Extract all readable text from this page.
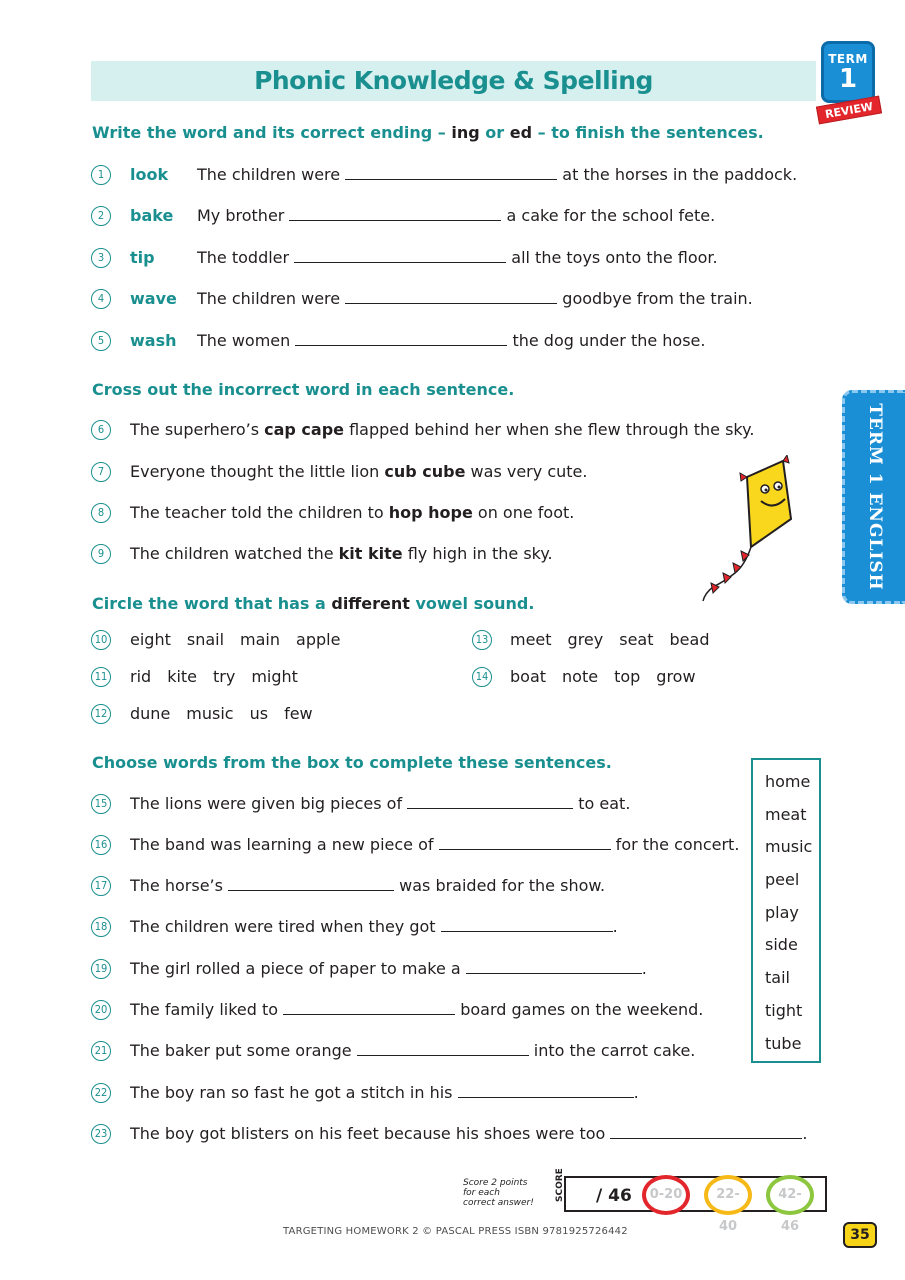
Phonic Knowledge & Spelling
TERM
1
REVIEW
TERM 1 ENGLISH
Write the word and its correct ending – ing or ed – to finish the sentences.
1	look The children were	at the horses in the paddock.
2	bake My brother	a cake for the school fete.
3	tip	The toddler	all the toys onto the floor.
4	wave The children were	goodbye from the train.
5	wash The women	the dog under the hose.
Cross out the incorrect word in each sentence.
6	The superhero’s cap cape flapped behind her when she flew through the sky.
7	Everyone thought the little lion cub cube was very cute.
8	The teacher told the children to hop hope on one foot.
9	The children watched the kit kite fly high in the sky.
Circle the word that has a different vowel sound.
10 eight snail main apple
11 rid kite try might
12 dune music us few
13 meet grey seat bead
14 boat note top grow
Choose words from the box to complete these sentences.
15 The lions were given big pieces of	to eat.
16 The band was learning a new piece of	for the concert.
17 The horse’s	was braided for the show.
18 The children were tired when they got	.
19 The girl rolled a piece of paper to make a	.
20 The family liked to	board games on the weekend.
21 The baker put some orange	into the carrot cake.
22 The boy ran so fast he got a stitch in his	.
23 The boy got blisters on his feet because his shoes were too	.
home
meat
music
peel
play
side
tail
tight
tube
Score 2 points
for each
correct answer!
SCORE / 46	0-20	22-40
42-46
TARGETING HOMEWORK 2 © PASCAL PRESS ISBN 9781925726442	35
